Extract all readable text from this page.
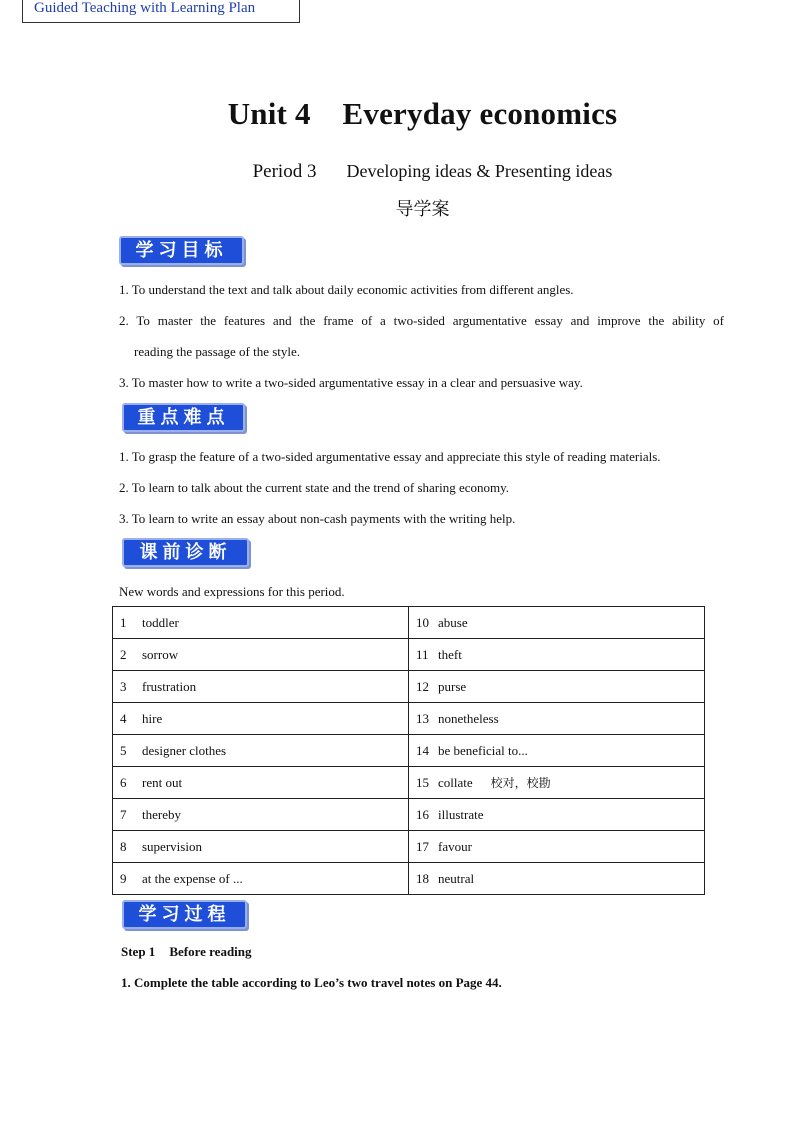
Guided Teaching with Learning Plan
Unit 4    Everyday economics
Period 3 Developing ideas & Presenting ideas
导学案
学习目标
1. To understand the text and talk about daily economic activities from different angles.
2. To master the features and the frame of a two-sided argumentative essay and improve the ability of
reading the passage of the style.
3. To master how to write a two-sided argumentative essay in a clear and persuasive way.
重点难点
1. To grasp the feature of a two-sided argumentative essay and appreciate this style of reading materials.
2. To learn to talk about the current state and the trend of sharing economy.
3. To learn to write an essay about non-cash payments with the writing help.
课前诊断
New words and expressions for this period.
1 toddler	10 abuse
2 sorrow	11 theft
3 frustration	12 purse
4 hire	13 nonetheless
5 designer clothes	14 be beneficial to...
6 rent out	15 collate 校对，校勘
7 thereby	16 illustrate
8 supervision	17 favour
9 at the expense of ...	18 neutral
学习过程
Step 1 Before reading
1. Complete the table according to Leo’s two travel notes on Page 44.
